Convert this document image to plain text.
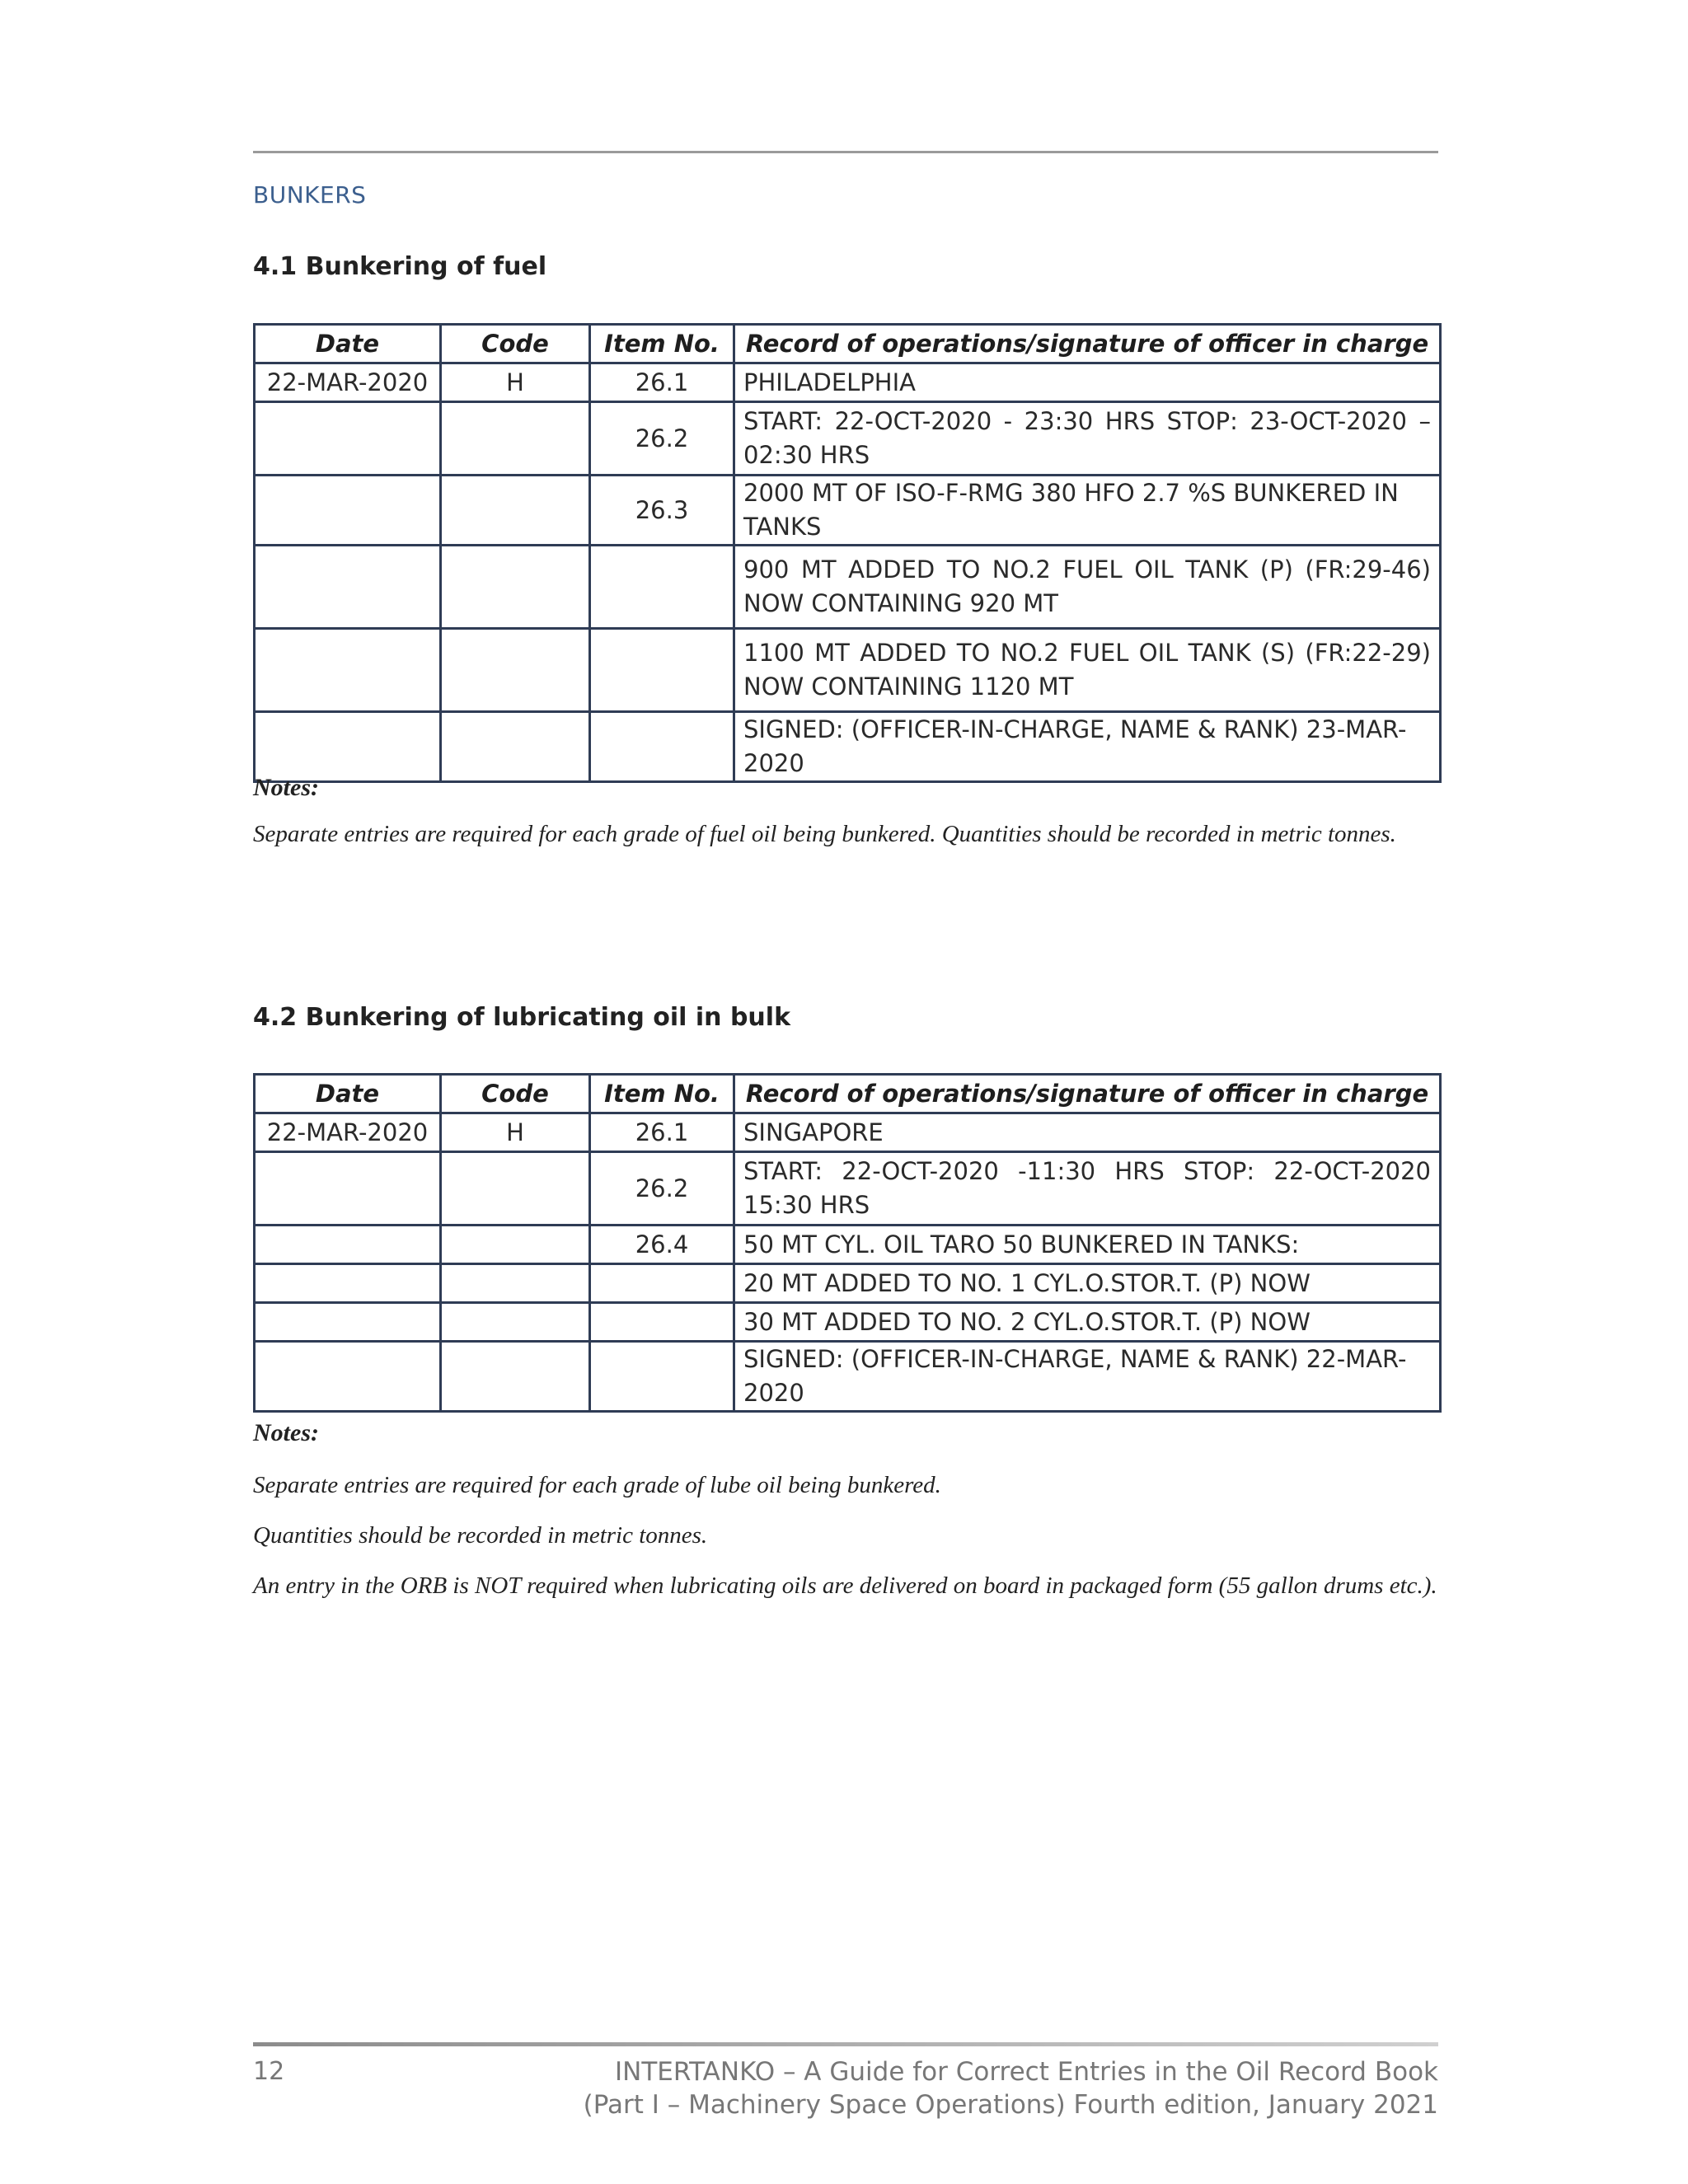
BUNKERS
4.1 Bunkering of fuel
Date	Code	Item No.	Record of operations/signature of officer in charge
22-MAR-2020	H	26.1	PHILADELPHIA
		26.2	START: 22-OCT-2020 - 23:30 HRS STOP: 23-OCT-2020 – 02:30 HRS
		26.3	2000 MT OF ISO-F-RMG 380 HFO 2.7 %S BUNKERED IN TANKS
			900 MT ADDED TO NO.2 FUEL OIL TANK (P) (FR:29-46) NOW CONTAINING 920 MT
			1100 MT ADDED TO NO.2 FUEL OIL TANK (S) (FR:22-29) NOW CONTAINING 1120 MT
			SIGNED: (OFFICER-IN-CHARGE, NAME & RANK) 23-MAR-2020
Notes:
Separate entries are required for each grade of fuel oil being bunkered. Quantities should be recorded in metric tonnes.
4.2 Bunkering of lubricating oil in bulk
Date	Code	Item No.	Record of operations/signature of officer in charge
22-MAR-2020	H	26.1	SINGAPORE
		26.2	START: 22-OCT-2020 -11:30 HRS STOP: 22-OCT-2020 15:30 HRS
		26.4	50 MT CYL. OIL TARO 50 BUNKERED IN TANKS:
			20 MT ADDED TO NO. 1 CYL.O.STOR.T. (P) NOW
			30 MT ADDED TO NO. 2 CYL.O.STOR.T. (P) NOW
			SIGNED: (OFFICER-IN-CHARGE, NAME & RANK) 22-MAR-2020
Notes:
Separate entries are required for each grade of lube oil being bunkered.
Quantities should be recorded in metric tonnes.
An entry in the ORB is NOT required when lubricating oils are delivered on board in packaged form (55 gallon drums etc.).
12	INTERTANKO – A Guide for Correct Entries in the Oil Record Book
(Part I – Machinery Space Operations) Fourth edition, January 2021
